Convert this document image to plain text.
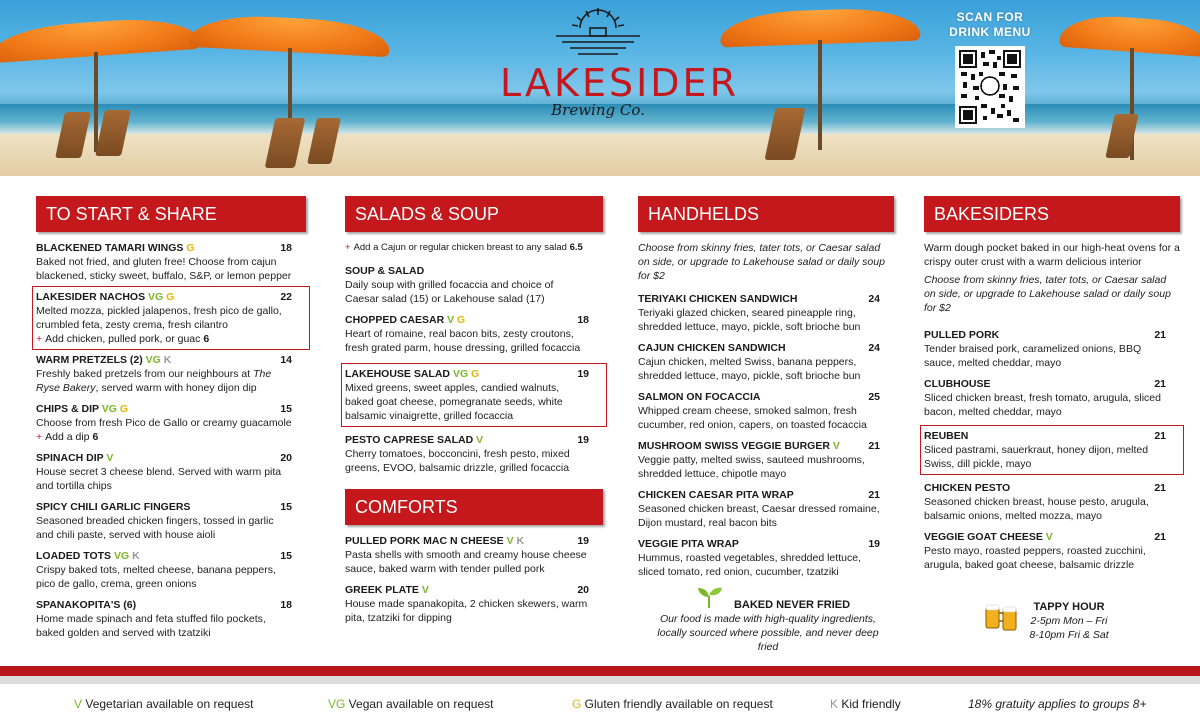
LAKESIDER
Brewing Co.
SCAN FOR
DRINK MENU
TO START & SHARE
BLACKENED TAMARI WINGS G	18
Baked not fried, and gluten free! Choose from cajun blackened, sticky sweet, buffalo, S&P, or lemon pepper
LAKESIDER NACHOS VG G	22
Melted mozza, pickled jalapenos, fresh pico de gallo, crumbled feta, zesty crema, fresh cilantro
+ Add chicken, pulled pork, or guac 6
WARM PRETZELS (2) VG K	14
Freshly baked pretzels from our neighbours at The Ryse Bakery, served warm with honey dijon dip
CHIPS & DIP VG G	15
Choose from fresh Pico de Gallo or creamy guacamole
+ Add a dip 6
SPINACH DIP V	20
House secret 3 cheese blend. Served with warm pita and tortilla chips
SPICY CHILI GARLIC FINGERS	15
Seasoned breaded chicken fingers, tossed in garlic and chili paste, served with house aioli
LOADED TOTS VG K	15
Crispy baked tots, melted cheese, banana peppers, pico de gallo, crema, green onions
SPANAKOPITA'S (6)	18
Home made spinach and feta stuffed filo pockets, baked golden and served with tzatziki
SALADS & SOUP
+ Add a Cajun or regular chicken breast to any salad 6.5
SOUP & SALAD
Daily soup with grilled focaccia and choice of Caesar salad (15) or Lakehouse salad (17)
CHOPPED CAESAR V G	18
Heart of romaine, real bacon bits, zesty croutons, fresh grated parm, house dressing, grilled focaccia
LAKEHOUSE SALAD VG G	19
Mixed greens, sweet apples, candied walnuts, baked goat cheese, pomegranate seeds, white balsamic vinaigrette, grilled focaccia
PESTO CAPRESE SALAD V	19
Cherry tomatoes, bocconcini, fresh pesto, mixed greens, EVOO, balsamic drizzle, grilled focaccia
COMFORTS
PULLED PORK MAC N CHEESE V K	19
Pasta shells with smooth and creamy house cheese sauce, baked warm with tender pulled pork
GREEK PLATE V	20
House made spanakopita, 2 chicken skewers, warm pita, tzatziki for dipping
HANDHELDS
Choose from skinny fries, tater tots, or Caesar salad on side, or upgrade to Lakehouse salad or daily soup for $2
TERIYAKI CHICKEN SANDWICH	24
Teriyaki glazed chicken, seared pineapple ring, shredded lettuce, mayo, pickle, soft brioche bun
CAJUN CHICKEN SANDWICH	24
Cajun chicken, melted Swiss, banana peppers, shredded lettuce, mayo, pickle, soft brioche bun
SALMON ON FOCACCIA	25
Whipped cream cheese, smoked salmon, fresh cucumber, red onion, capers, on toasted focaccia
MUSHROOM SWISS VEGGIE BURGER V	21
Veggie patty, melted swiss, sauteed mushrooms, shredded lettuce, chipotle mayo
CHICKEN CAESAR PITA WRAP	21
Seasoned chicken breast, Caesar dressed romaine, Dijon mustard, real bacon bits
VEGGIE PITA WRAP	19
Hummus, roasted vegetables, shredded lettuce, sliced tomato, red onion, cucumber, tzatziki
BAKED NEVER FRIED
Our food is made with high-quality ingredients, locally sourced where possible, and never deep fried
BAKESIDERS
Warm dough pocket baked in our high-heat ovens for a crispy outer crust with a warm delicious interior
Choose from skinny fries, tater tots, or Caesar salad on side, or upgrade to Lakehouse salad or daily soup for $2
PULLED PORK	21
Tender braised pork, caramelized onions, BBQ sauce, melted cheddar, mayo
CLUBHOUSE	21
Sliced chicken breast, fresh tomato, arugula, sliced bacon, melted cheddar, mayo
REUBEN	21
Sliced pastrami, sauerkraut, honey dijon, melted Swiss, dill pickle, mayo
CHICKEN PESTO	21
Seasoned chicken breast, house pesto, arugula, balsamic onions, melted mozza, mayo
VEGGIE GOAT CHEESE V	21
Pesto mayo, roasted peppers, roasted zucchini, arugula, baked goat cheese, balsamic drizzle
TAPPY HOUR
2-5pm Mon – Fri
8-10pm Fri & Sat
V Vegetarian available on request	VG Vegan available on request	G Gluten friendly available on request	K Kid friendly	18% gratuity applies to groups 8+
